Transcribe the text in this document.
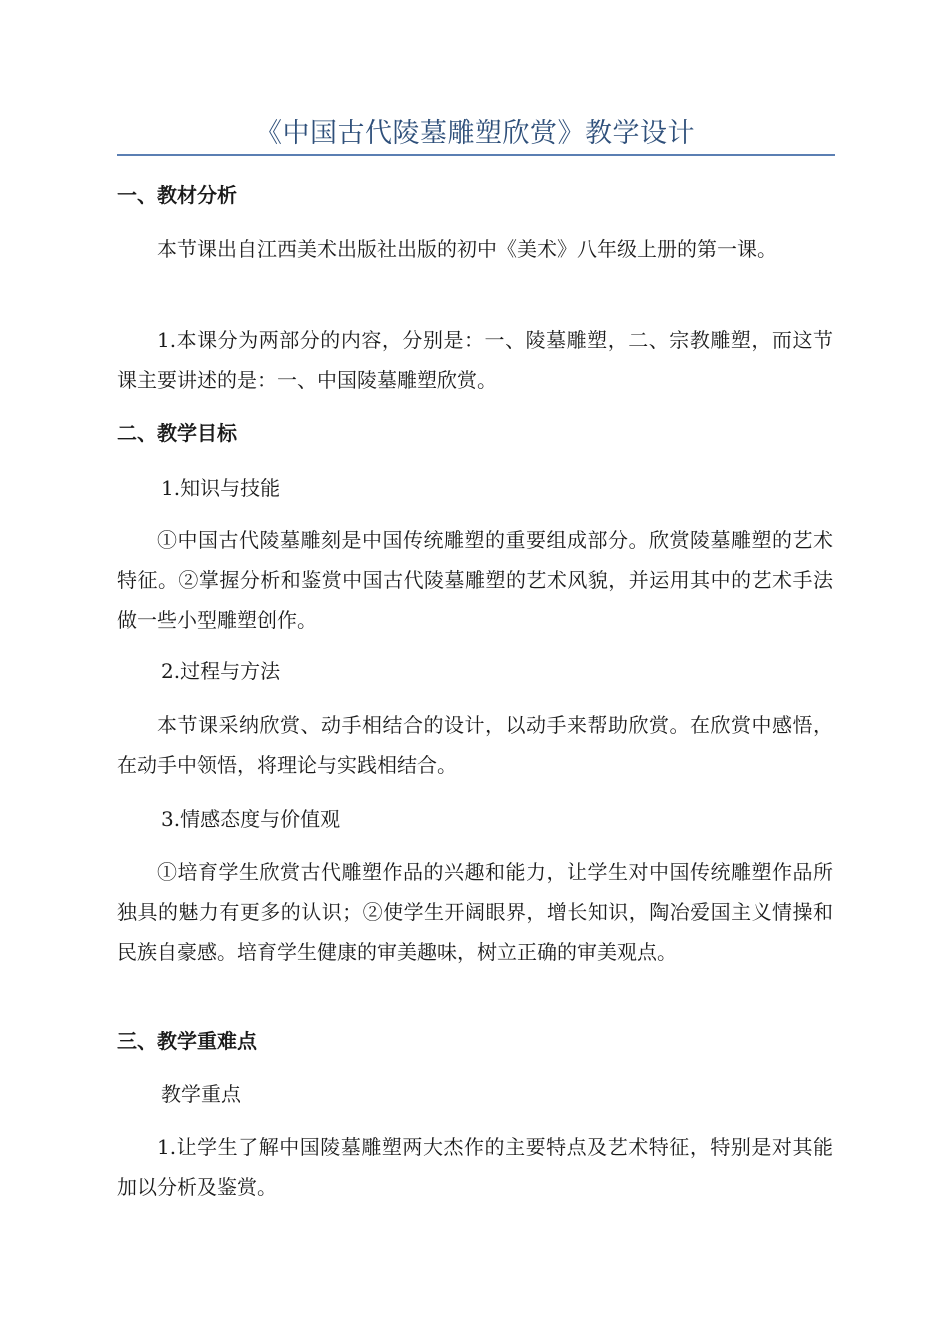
《中国古代陵墓雕塑欣赏》教学设计
一、教材分析
本节课出自江西美术出版社出版的初中《美术》八年级上册的第一课。
1.本课分为两部分的内容，分别是：一、陵墓雕塑，二、宗教雕塑，而这节课主要讲述的是：一、中国陵墓雕塑欣赏。
二、教学目标
1.知识与技能
①中国古代陵墓雕刻是中国传统雕塑的重要组成部分。欣赏陵墓雕塑的艺术特征。②掌握分析和鉴赏中国古代陵墓雕塑的艺术风貌，并运用其中的艺术手法做一些小型雕塑创作。
2.过程与方法
本节课采纳欣赏、动手相结合的设计，以动手来帮助欣赏。在欣赏中感悟，在动手中领悟，将理论与实践相结合。
3.情感态度与价值观
①培育学生欣赏古代雕塑作品的兴趣和能力，让学生对中国传统雕塑作品所独具的魅力有更多的认识；②使学生开阔眼界，增长知识，陶冶爱国主义情操和民族自豪感。培育学生健康的审美趣味，树立正确的审美观点。
三、教学重难点
教学重点
1.让学生了解中国陵墓雕塑两大杰作的主要特点及艺术特征，特别是对其能加以分析及鉴赏。
